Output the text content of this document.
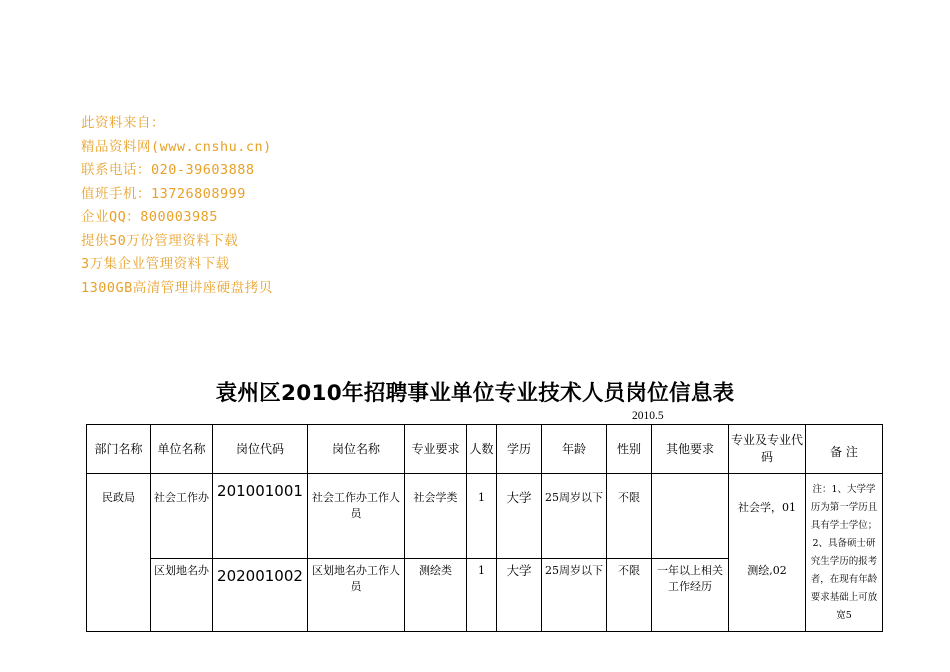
此资料来自：
精品资料网(www.cnshu.cn)
联系电话：020-39603888
值班手机：13726808999
企业QQ：800003985
提供50万份管理资料下载
3万集企业管理资料下载
1300GB高清管理讲座硬盘拷贝
袁州区2010年招聘事业单位专业技术人员岗位信息表
2010.5
部门名称	单位名称	岗位代码	岗位名称	专业要求	人数	学历	年龄	性别	其他要求	专业及专业代码	备 注
民政局	社会工作办	201001001	社会工作办工作人员	社会学类	1	大学	25周岁以下	不限		社会学，01	注：1、大学学历为第一学历且具有学士学位；2、具备硕士研究生学历的报考者，在现有年龄要求基础上可放宽5
	区划地名办	202001002	区划地名办工作人员	测绘类	1	大学	25周岁以下	不限	一年以上相关工作经历	测绘,02	
